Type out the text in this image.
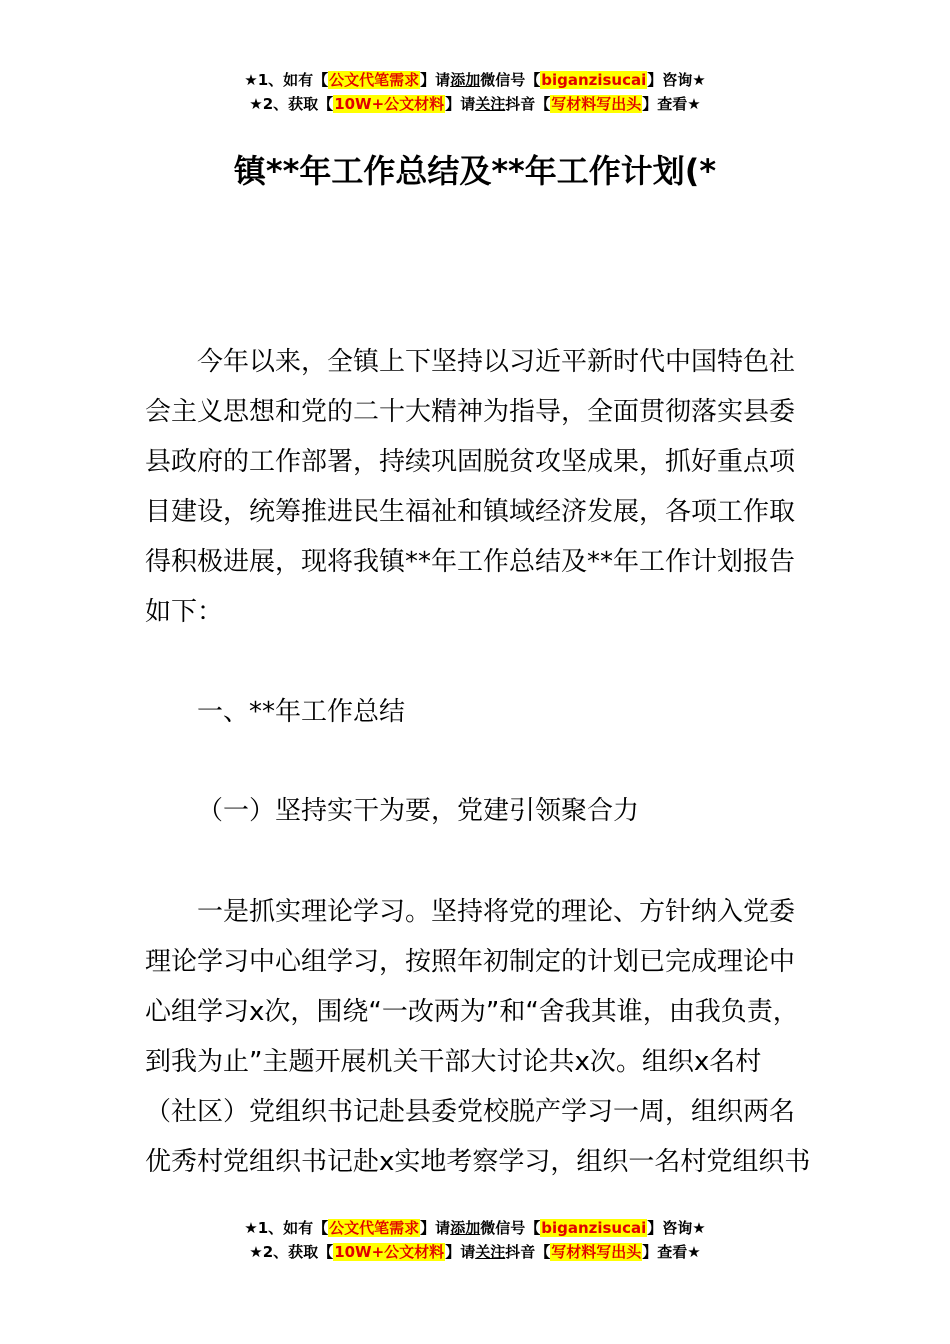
★1、如有【公文代笔需求】请添加微信号【biganzisucai】咨询★
★2、获取【10W+公文材料】请关注抖音【写材料写出头】查看★
镇**年工作总结及**年工作计划(*
今年以来，全镇上下坚持以习近平新时代中国特色社
会主义思想和党的二十大精神为指导，全面贯彻落实县委
县政府的工作部署，持续巩固脱贫攻坚成果，抓好重点项
目建设，统筹推进民生福祉和镇域经济发展，各项工作取
得积极进展，现将我镇**年工作总结及**年工作计划报告
如下：
一、**年工作总结
（一）坚持实干为要，党建引领聚合力
一是抓实理论学习。坚持将党的理论、方针纳入党委
理论学习中心组学习，按照年初制定的计划已完成理论中
心组学习x次，围绕“一改两为”和“舍我其谁，由我负责，
到我为止”主题开展机关干部大讨论共x次。组织x名村
（社区）党组织书记赴县委党校脱产学习一周，组织两名
优秀村党组织书记赴x实地考察学习，组织一名村党组织书
★1、如有【公文代笔需求】请添加微信号【biganzisucai】咨询★
★2、获取【10W+公文材料】请关注抖音【写材料写出头】查看★
